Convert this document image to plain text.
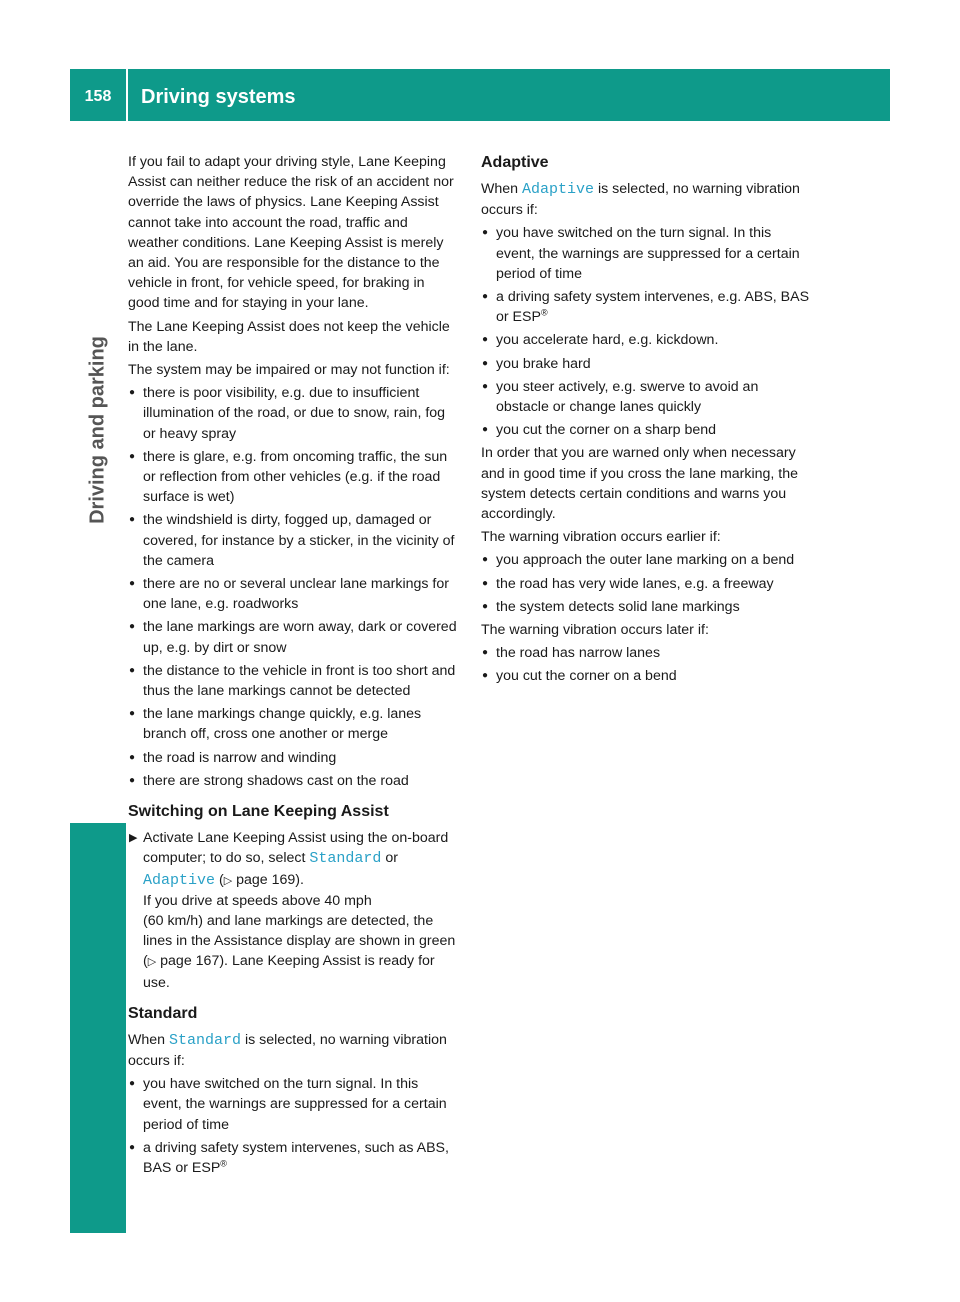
158	Driving systems
Driving and parking

If you fail to adapt your driving style, Lane Keeping Assist can neither reduce the risk of an accident nor override the laws of physics. Lane Keeping Assist cannot take into account the road, traffic and weather conditions. Lane Keeping Assist is merely an aid. You are responsible for the distance to the vehicle in front, for vehicle speed, for braking in good time and for staying in your lane.

The Lane Keeping Assist does not keep the vehicle in the lane.

The system may be impaired or may not function if:

● there is poor visibility, e.g. due to insufficient illumination of the road, or due to snow, rain, fog or heavy spray
● there is glare, e.g. from oncoming traffic, the sun or reflection from other vehicles (e.g. if the road surface is wet)
● the windshield is dirty, fogged up, damaged or covered, for instance by a sticker, in the vicinity of the camera
● there are no or several unclear lane markings for one lane, e.g. roadworks
● the lane markings are worn away, dark or covered up, e.g. by dirt or snow
● the distance to the vehicle in front is too short and thus the lane markings cannot be detected
● the lane markings change quickly, e.g. lanes branch off, cross one another or merge
● the road is narrow and winding
● there are strong shadows cast on the road
Switching on Lane Keeping Assist
▶ Activate Lane Keeping Assist using the on-board computer; to do so, select Standard or Adaptive (▷ page 169).
If you drive at speeds above 40 mph
(60 km/h) and lane markings are detected, the lines in the Assistance display are shown in green (▷ page 167). Lane Keeping Assist is ready for use.
Standard

When Standard is selected, no warning vibration occurs if:

● you have switched on the turn signal. In this event, the warnings are suppressed for a certain period of time
● a driving safety system intervenes, such as ABS, BAS or ESP®
Adaptive

When Adaptive is selected, no warning vibration occurs if:

● you have switched on the turn signal. In this event, the warnings are suppressed for a certain period of time
● a driving safety system intervenes, e.g. ABS, BAS or ESP®
● you accelerate hard, e.g. kickdown.
● you brake hard
● you steer actively, e.g. swerve to avoid an obstacle or change lanes quickly
● you cut the corner on a sharp bend

In order that you are warned only when necessary and in good time if you cross the lane marking, the system detects certain conditions and warns you accordingly.

The warning vibration occurs earlier if:

● you approach the outer lane marking on a bend
● the road has very wide lanes, e.g. a freeway
● the system detects solid lane markings

The warning vibration occurs later if:

● the road has narrow lanes
● you cut the corner on a bend
